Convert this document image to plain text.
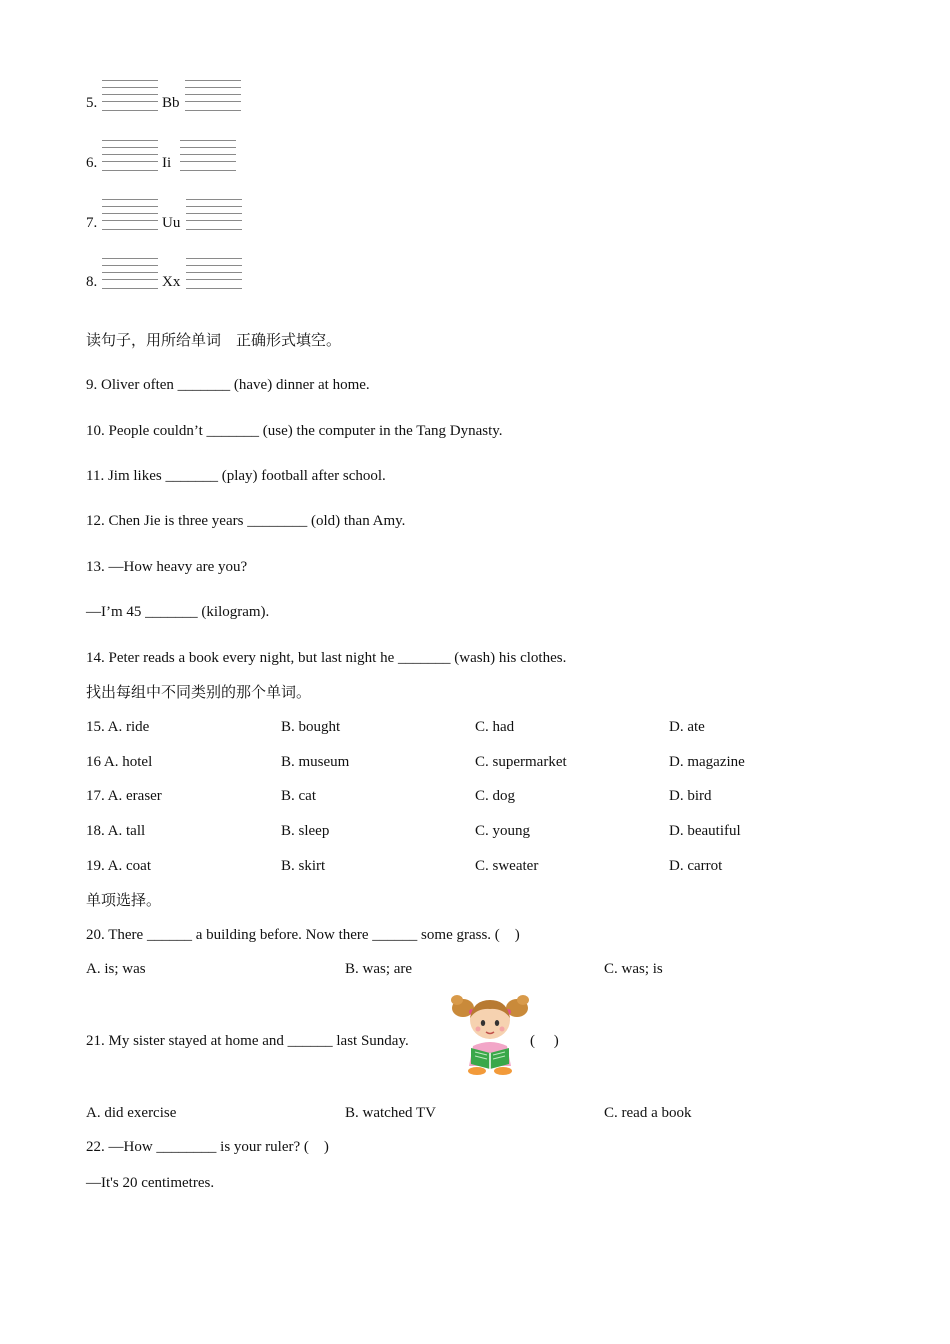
5.	Bb
6.	Ii
7.	Uu
8.	Xx
读句子，用所给单词　正确形式填空。
9. Oliver often _______ (have) dinner at home.
10. People couldn’t _______ (use) the computer in the Tang Dynasty.
11. Jim likes _______ (play) football after school.
12. Chen Jie is three years ________ (old) than Amy.
13. —How heavy are you?
—I’m 45 _______ (kilogram).
14. Peter reads a book every night, but last night he _______ (wash) his clothes.
找出每组中不同类别的那个单词。
15. A. ride	B. bought	C. had	D. ate
16 A. hotel	B. museum	C. supermarket	D. magazine
17. A. eraser	B. cat	C. dog	D. bird
18. A. tall	B. sleep	C. young	D. beautiful
19. A. coat	B. skirt	C. sweater	D. carrot
单项选择。
20. There ______ a building before. Now there ______ some grass. (　)
A. is; was	B. was; are	C. was; is
21. My sister stayed at home and ______ last Sunday.	(　 )
A. did exercise	B. watched TV	C. read a book
22. —How ________ is your ruler? (　)
—It's 20 centimetres.
